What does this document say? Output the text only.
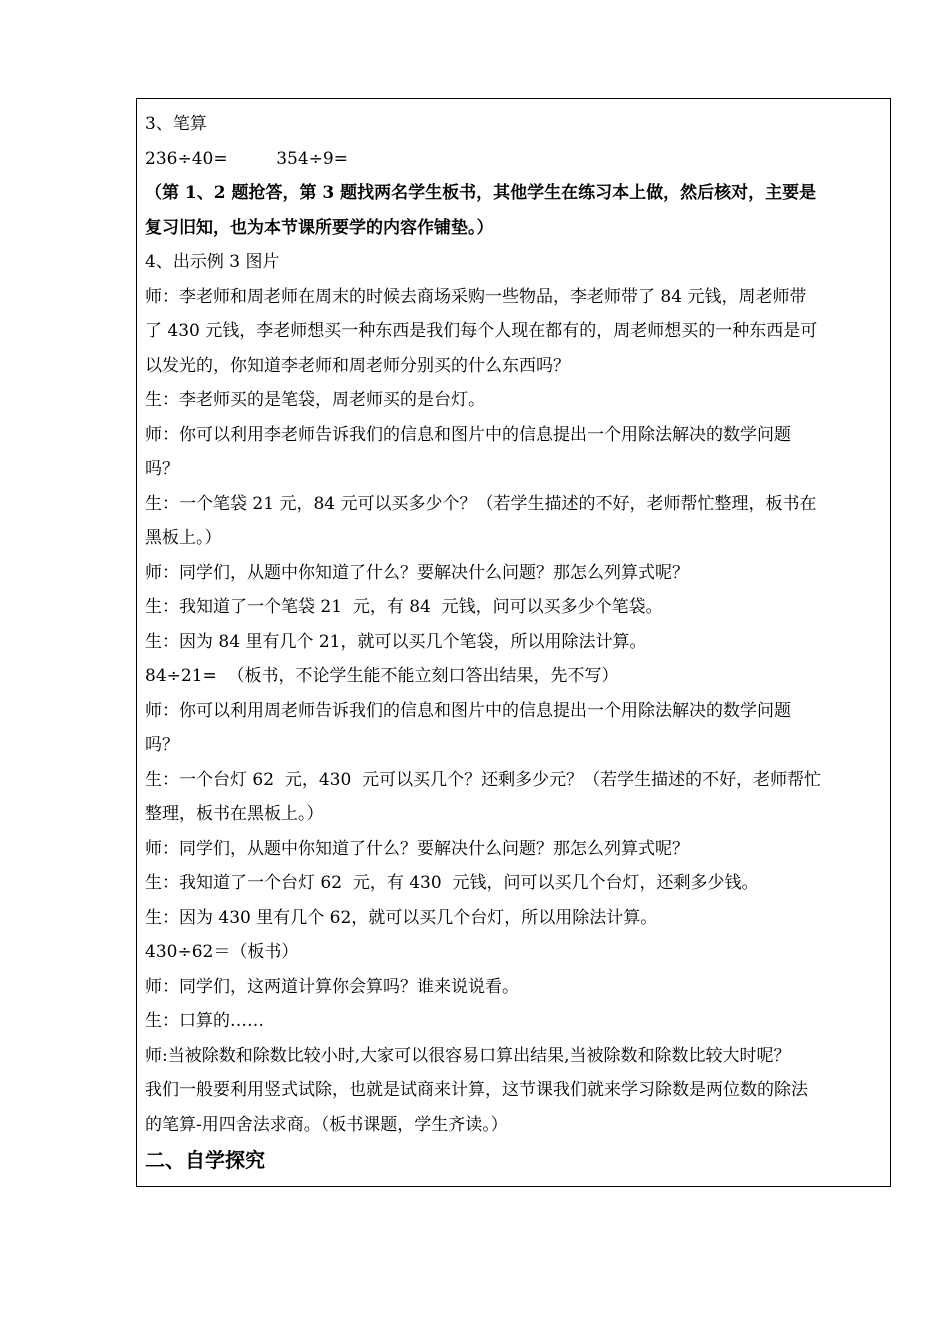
3、笔算
236÷40=         354÷9=
（第 1、2 题抢答，第 3 题找两名学生板书，其他学生在练习本上做，然后核对，主要是
复习旧知，也为本节课所要学的内容作铺垫。）
4、出示例 3 图片
师：李老师和周老师在周末的时候去商场采购一些物品，李老师带了 84 元钱，周老师带
了 430 元钱，李老师想买一种东西是我们每个人现在都有的，周老师想买的一种东西是可
以发光的，你知道李老师和周老师分别买的什么东西吗？
生：李老师买的是笔袋，周老师买的是台灯。
师：你可以利用李老师告诉我们的信息和图片中的信息提出一个用除法解决的数学问题
吗？
生：一个笔袋 21 元，84 元可以买多少个？（若学生描述的不好，老师帮忙整理，板书在
黑板上。）
师：同学们，从题中你知道了什么？要解决什么问题？那怎么列算式呢？
生：我知道了一个笔袋 21  元，有 84  元钱，问可以买多少个笔袋。
生：因为 84 里有几个 21，就可以买几个笔袋，所以用除法计算。
84÷21=  （板书，不论学生能不能立刻口答出结果，先不写）
师：你可以利用周老师告诉我们的信息和图片中的信息提出一个用除法解决的数学问题
吗？
生：一个台灯 62  元，430  元可以买几个？还剩多少元？（若学生描述的不好，老师帮忙
整理，板书在黑板上。）
师：同学们，从题中你知道了什么？要解决什么问题？那怎么列算式呢？
生：我知道了一个台灯 62  元，有 430  元钱，问可以买几个台灯，还剩多少钱。
生：因为 430 里有几个 62，就可以买几个台灯，所以用除法计算。
430÷62＝（板书）
师：同学们，这两道计算你会算吗？谁来说说看。
生：口算的……
师:当被除数和除数比较小时,大家可以很容易口算出结果,当被除数和除数比较大时呢？
我们一般要利用竖式试除，也就是试商来计算，这节课我们就来学习除数是两位数的除法
的笔算-用四舍法求商。（板书课题，学生齐读。）
二、自学探究
